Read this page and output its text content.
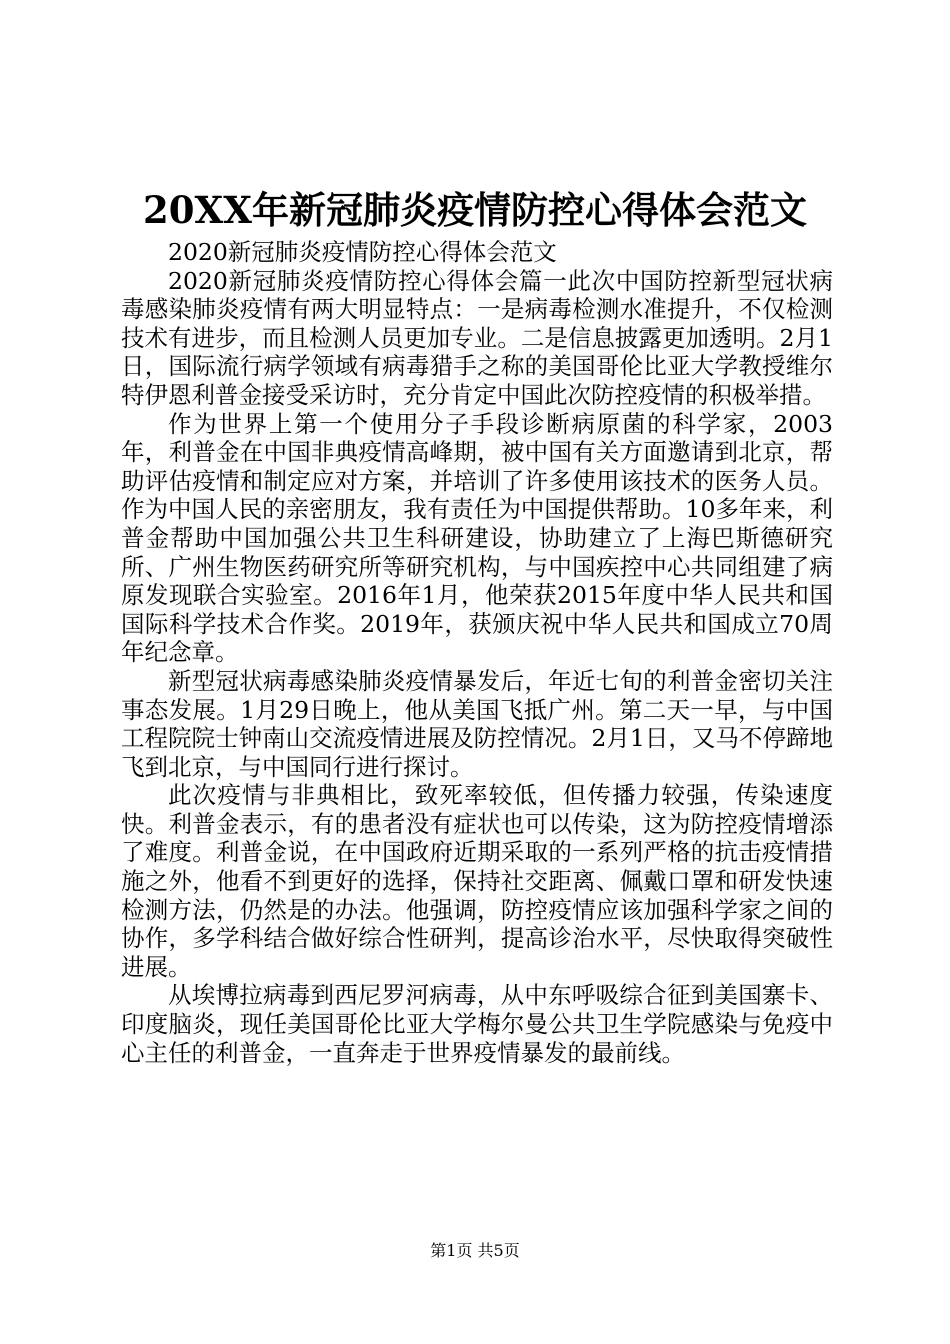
20XX年新冠肺炎疫情防控心得体会范文

2020新冠肺炎疫情防控心得体会范文

2020新冠肺炎疫情防控心得体会篇一此次中国防控新型冠状病毒感染肺炎疫情有两大明显特点：一是病毒检测水准提升，不仅检测技术有进步，而且检测人员更加专业。二是信息披露更加透明。2月1日，国际流行病学领域有病毒猎手之称的美国哥伦比亚大学教授维尔特伊恩利普金接受采访时，充分肯定中国此次防控疫情的积极举措。

作为世界上第一个使用分子手段诊断病原菌的科学家，2003年，利普金在中国非典疫情高峰期，被中国有关方面邀请到北京，帮助评估疫情和制定应对方案，并培训了许多使用该技术的医务人员。作为中国人民的亲密朋友，我有责任为中国提供帮助。10多年来，利普金帮助中国加强公共卫生科研建设，协助建立了上海巴斯德研究所、广州生物医药研究所等研究机构，与中国疾控中心共同组建了病原发现联合实验室。2016年1月，他荣获2015年度中华人民共和国国际科学技术合作奖。2019年，获颁庆祝中华人民共和国成立70周年纪念章。

新型冠状病毒感染肺炎疫情暴发后，年近七旬的利普金密切关注事态发展。1月29日晚上，他从美国飞抵广州。第二天一早，与中国工程院院士钟南山交流疫情进展及防控情况。2月1日，又马不停蹄地飞到北京，与中国同行进行探讨。

此次疫情与非典相比，致死率较低，但传播力较强，传染速度快。利普金表示，有的患者没有症状也可以传染，这为防控疫情增添了难度。利普金说，在中国政府近期采取的一系列严格的抗击疫情措施之外，他看不到更好的选择，保持社交距离、佩戴口罩和研发快速检测方法，仍然是的办法。他强调，防控疫情应该加强科学家之间的协作，多学科结合做好综合性研判，提高诊治水平，尽快取得突破性进展。

从埃博拉病毒到西尼罗河病毒，从中东呼吸综合征到美国寨卡、印度脑炎，现任美国哥伦比亚大学梅尔曼公共卫生学院感染与免疫中心主任的利普金，一直奔走于世界疫情暴发的最前线。

第1页 共5页
